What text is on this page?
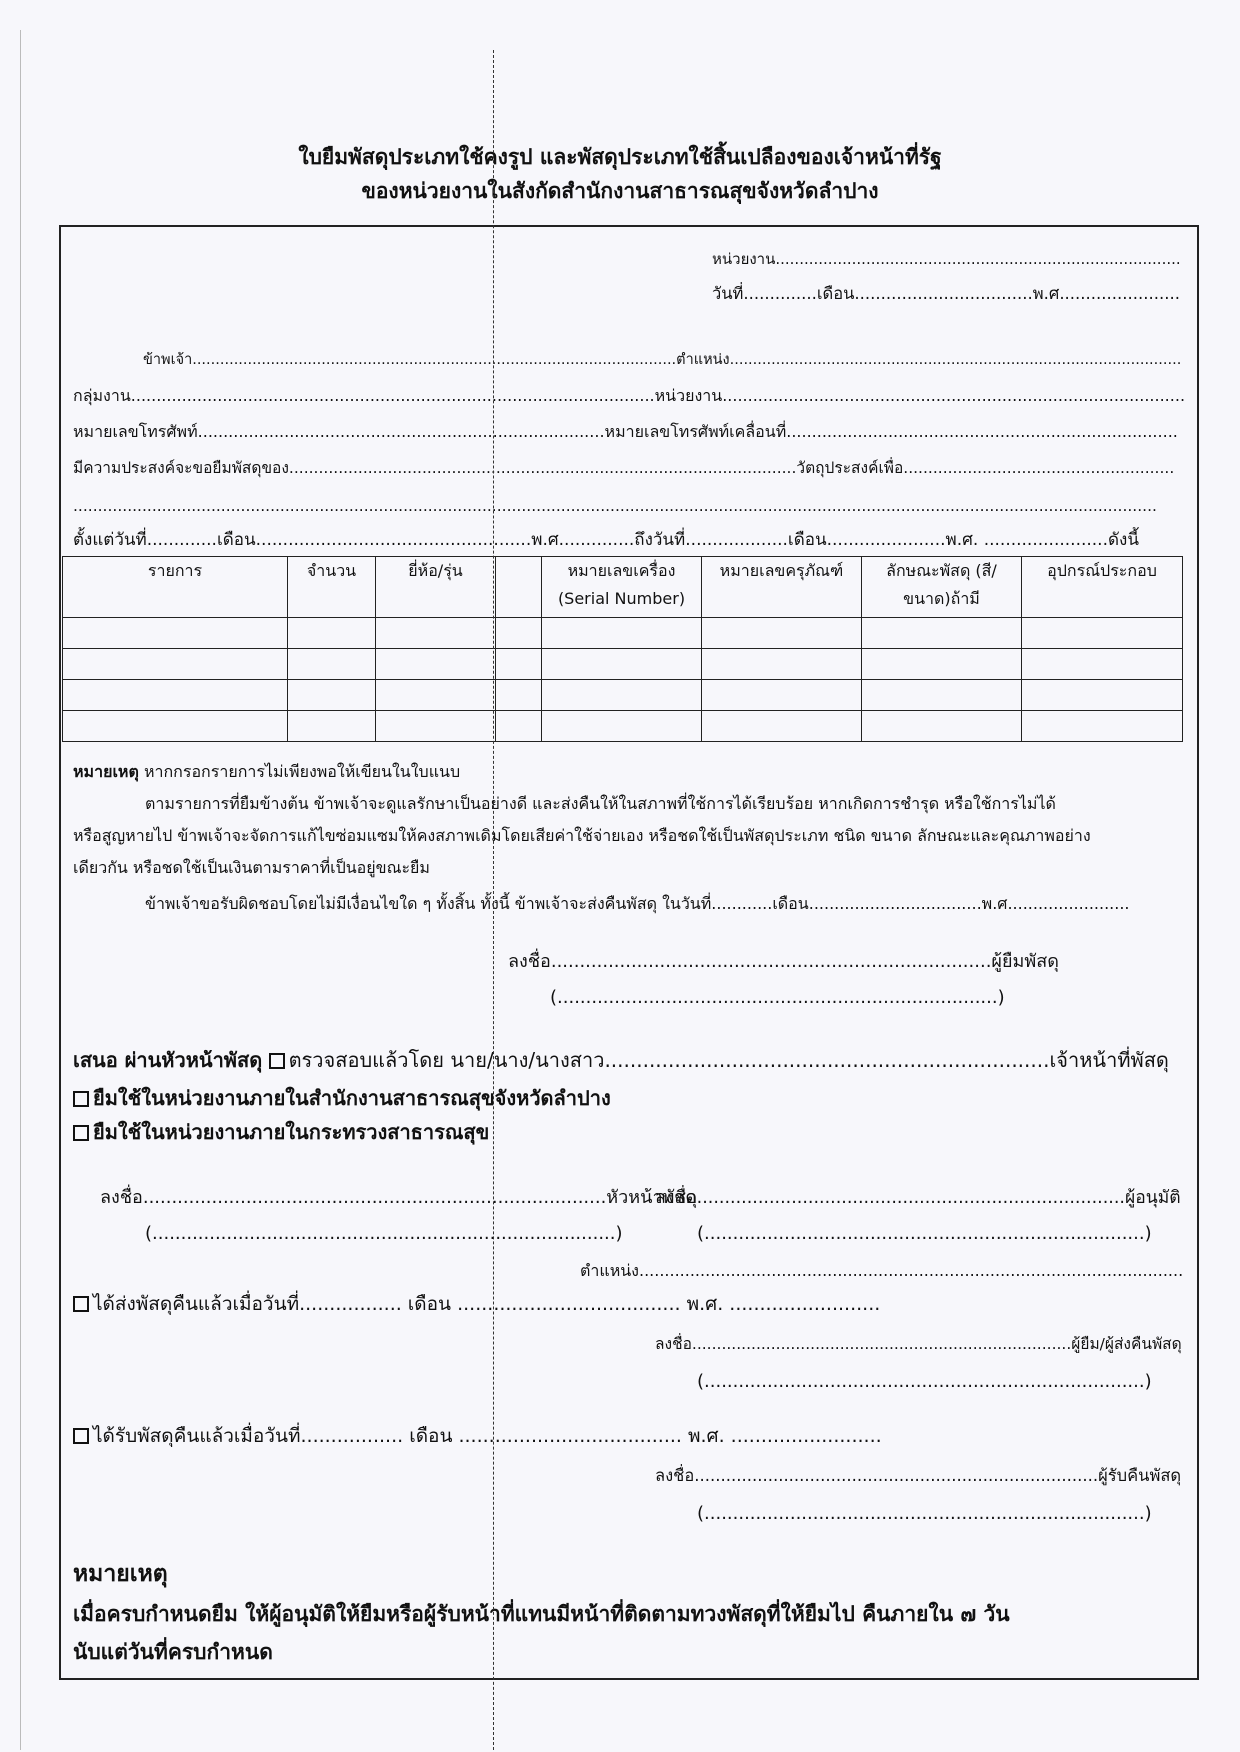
ใบยืมพัสดุประเภทใช้คงรูป และพัสดุประเภทใช้สิ้นเปลืองของเจ้าหน้าที่รัฐ
ของหน่วยงานในสังกัดสำนักงานสาธารณสุขจังหวัดลำปาง
หน่วยงาน.....................................................................................
วันที่..............เดือน..................................พ.ศ.......................
ข้าพเจ้า.........................................................................................................ตำแหน่ง..................................................................................................
กลุ่มงาน.......................................................................................................หน่วยงาน...........................................................................................
หมายเลขโทรศัพท์................................................................................หมายเลขโทรศัพท์เคลื่อนที่.............................................................................
มีความประสงค์จะขอยืมพัสดุของ.......................................................................................................วัตถุประสงค์เพื่อ.......................................................
............................................................................................................................................................................................................................
ตั้งแต่วันที่.............เดือน...................................................พ.ศ..............ถึงวันที่...................เดือน......................พ.ศ. .......................ดังนี้
รายการ	จำนวน	ยี่ห้อ/รุ่น		หมายเลขเครื่อง (Serial Number)	หมายเลขครุภัณฑ์	ลักษณะพัสดุ (สี/ขนาด)ถ้ามี	อุปกรณ์ประกอบ

หมายเหตุ หากกรอกรายการไม่เพียงพอให้เขียนในใบแนบ
ตามรายการที่ยืมข้างต้น ข้าพเจ้าจะดูแลรักษาเป็นอย่างดี และส่งคืนให้ในสภาพที่ใช้การได้เรียบร้อย หากเกิดการชำรุด หรือใช้การไม่ได้
หรือสูญหายไป ข้าพเจ้าจะจัดการแก้ไขซ่อมแซมให้คงสภาพเดิมโดยเสียค่าใช้จ่ายเอง หรือชดใช้เป็นพัสดุประเภท ชนิด ขนาด ลักษณะและคุณภาพอย่าง
เดียวกัน หรือชดใช้เป็นเงินตามราคาที่เป็นอยู่ขณะยืม
ข้าพเจ้าขอรับผิดชอบโดยไม่มีเงื่อนไขใด ๆ ทั้งสิ้น ทั้งนี้ ข้าพเจ้าจะส่งคืนพัสดุ ในวันที่............เดือน..................................พ.ศ........................
ลงชื่อ.............................................................................ผู้ยืมพัสดุ
(.............................................................................)
เสนอ ผ่านหัวหน้าพัสดุ ตรวจสอบแล้วโดย นาย/นาง/นางสาว......................................................................เจ้าหน้าที่พัสดุ
ยืมใช้ในหน่วยงานภายในสำนักงานสาธารณสุขจังหวัดลำปาง
ยืมใช้ในหน่วยงานภายในกระทรวงสาธารณสุข
ลงชื่อ.................................................................................หัวหน้าพัสดุ
(.................................................................................)
ลงชื่อ.............................................................................ผู้อนุมัติ
(.............................................................................)
ตำแหน่ง...........................................................................................................
ได้ส่งพัสดุคืนแล้วเมื่อวันที่................. เดือน ..................................... พ.ศ. .........................
ลงชื่อ.............................................................................ผู้ยืม/ผู้ส่งคืนพัสดุ
(.............................................................................)
ได้รับพัสดุคืนแล้วเมื่อวันที่................. เดือน ..................................... พ.ศ. .........................
ลงชื่อ.............................................................................ผู้รับคืนพัสดุ
(.............................................................................)
หมายเหตุ
เมื่อครบกำหนดยืม ให้ผู้อนุมัติให้ยืมหรือผู้รับหน้าที่แทนมีหน้าที่ติดตามทวงพัสดุที่ให้ยืมไป คืนภายใน ๗ วัน
นับแต่วันที่ครบกำหนด
